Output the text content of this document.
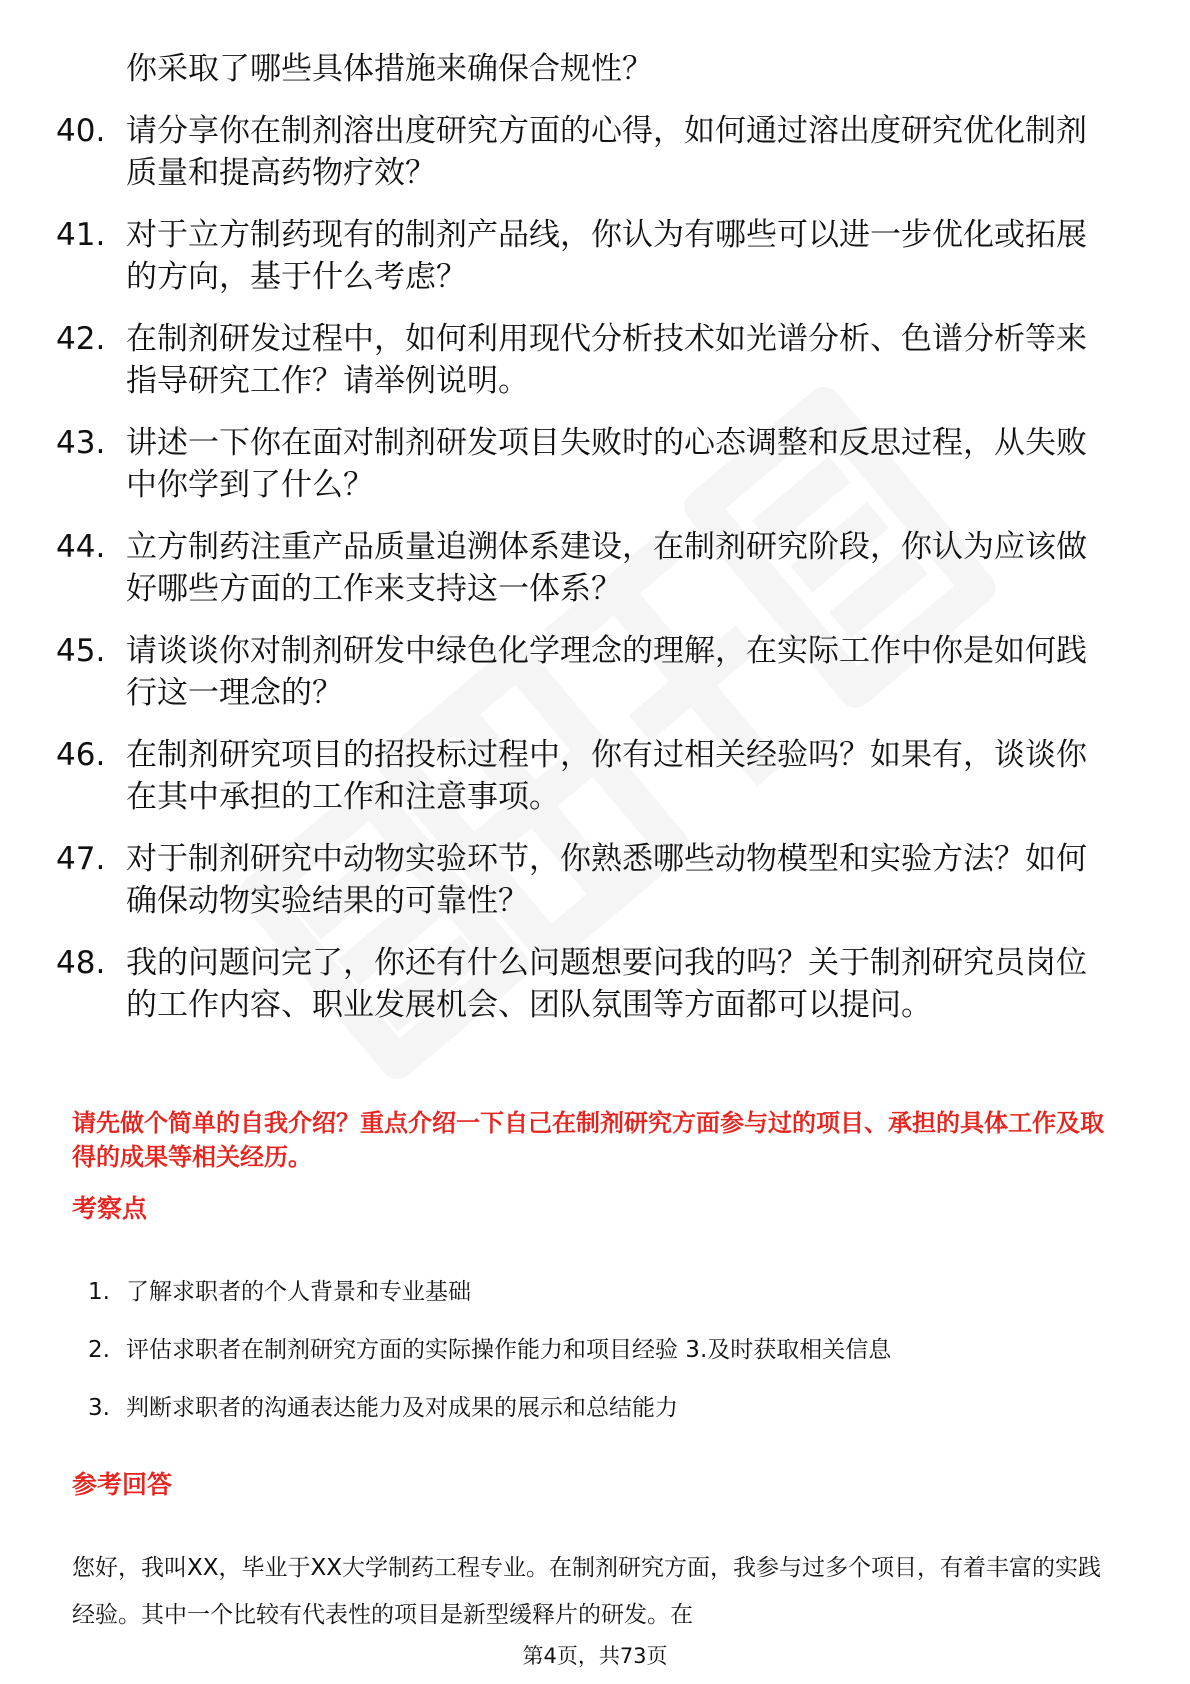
你采取了哪些具体措施来确保合规性？

40. 请分享你在制剂溶出度研究方面的心得，如何通过溶出度研究优化制剂质量和提高药物疗效？
41. 对于立方制药现有的制剂产品线，你认为有哪些可以进一步优化或拓展的方向，基于什么考虑？
42. 在制剂研发过程中，如何利用现代分析技术如光谱分析、色谱分析等来指导研究工作？请举例说明。
43. 讲述一下你在面对制剂研发项目失败时的心态调整和反思过程，从失败中你学到了什么？
44. 立方制药注重产品质量追溯体系建设，在制剂研究阶段，你认为应该做好哪些方面的工作来支持这一体系？
45. 请谈谈你对制剂研发中绿色化学理念的理解，在实际工作中你是如何践行这一理念的？
46. 在制剂研究项目的招投标过程中，你有过相关经验吗？如果有，谈谈你在其中承担的工作和注意事项。
47. 对于制剂研究中动物实验环节，你熟悉哪些动物模型和实验方法？如何确保动物实验结果的可靠性？
48. 我的问题问完了，你还有什么问题想要问我的吗？关于制剂研究员岗位的工作内容、职业发展机会、团队氛围等方面都可以提问。

请先做个简单的自我介绍？重点介绍一下自己在制剂研究方面参与过的项目、承担的具体工作及取得的成果等相关经历。

考察点
1. 了解求职者的个人背景和专业基础
2. 评估求职者在制剂研究方面的实际操作能力和项目经验 3.及时获取相关信息
3. 判断求职者的沟通表达能力及对成果的展示和总结能力
参考回答

您好，我叫XX，毕业于XX大学制药工程专业。在制剂研究方面，我参与过多个项目，有着丰富的实践经验。其中一个比较有代表性的项目是新型缓释片的研发。在

第4页，共73页
